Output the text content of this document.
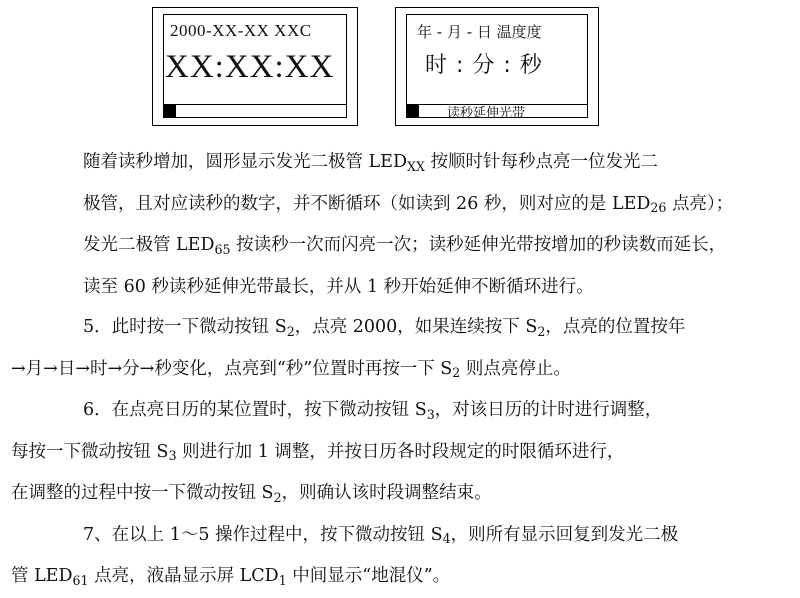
2000-XX-XX XXC
XX:XX:XX
年 - 月 - 日 温度度
时 : 分 : 秒
读秒延伸光带

随着读秒增加，圆形显示发光二极管 $LED_{XX}$ 按顺时针每秒点亮一位发光二
极管，且对应读秒的数字，并不断循环（如读到 26 秒，则对应的是 $LED_{26}$ 点亮）；
发光二极管 $LED_{65}$ 按读秒一次而闪亮一次；读秒延伸光带按增加的秒读数而延长，
读至 60 秒读秒延伸光带最长，并从 1 秒开始延伸不断循环进行。

5．此时按一下微动按钮 $S_2$，点亮 2000，如果连续按下 $S_2$，点亮的位置按年
→月→日→时→分→秒变化，点亮到“秒”位置时再按一下 $S_2$ 则点亮停止。

6．在点亮日历的某位置时，按下微动按钮 $S_3$，对该日历的计时进行调整，
每按一下微动按钮 $S_3$ 则进行加 1 调整，并按日历各时段规定的时限循环进行，
在调整的过程中按一下微动按钮 $S_2$，则确认该时段调整结束。

7、在以上 1～5 操作过程中，按下微动按钮 $S_4$，则所有显示回复到发光二极
管 $LED_{61}$ 点亮，液晶显示屏 $LCD_1$ 中间显示“地混仪”。
